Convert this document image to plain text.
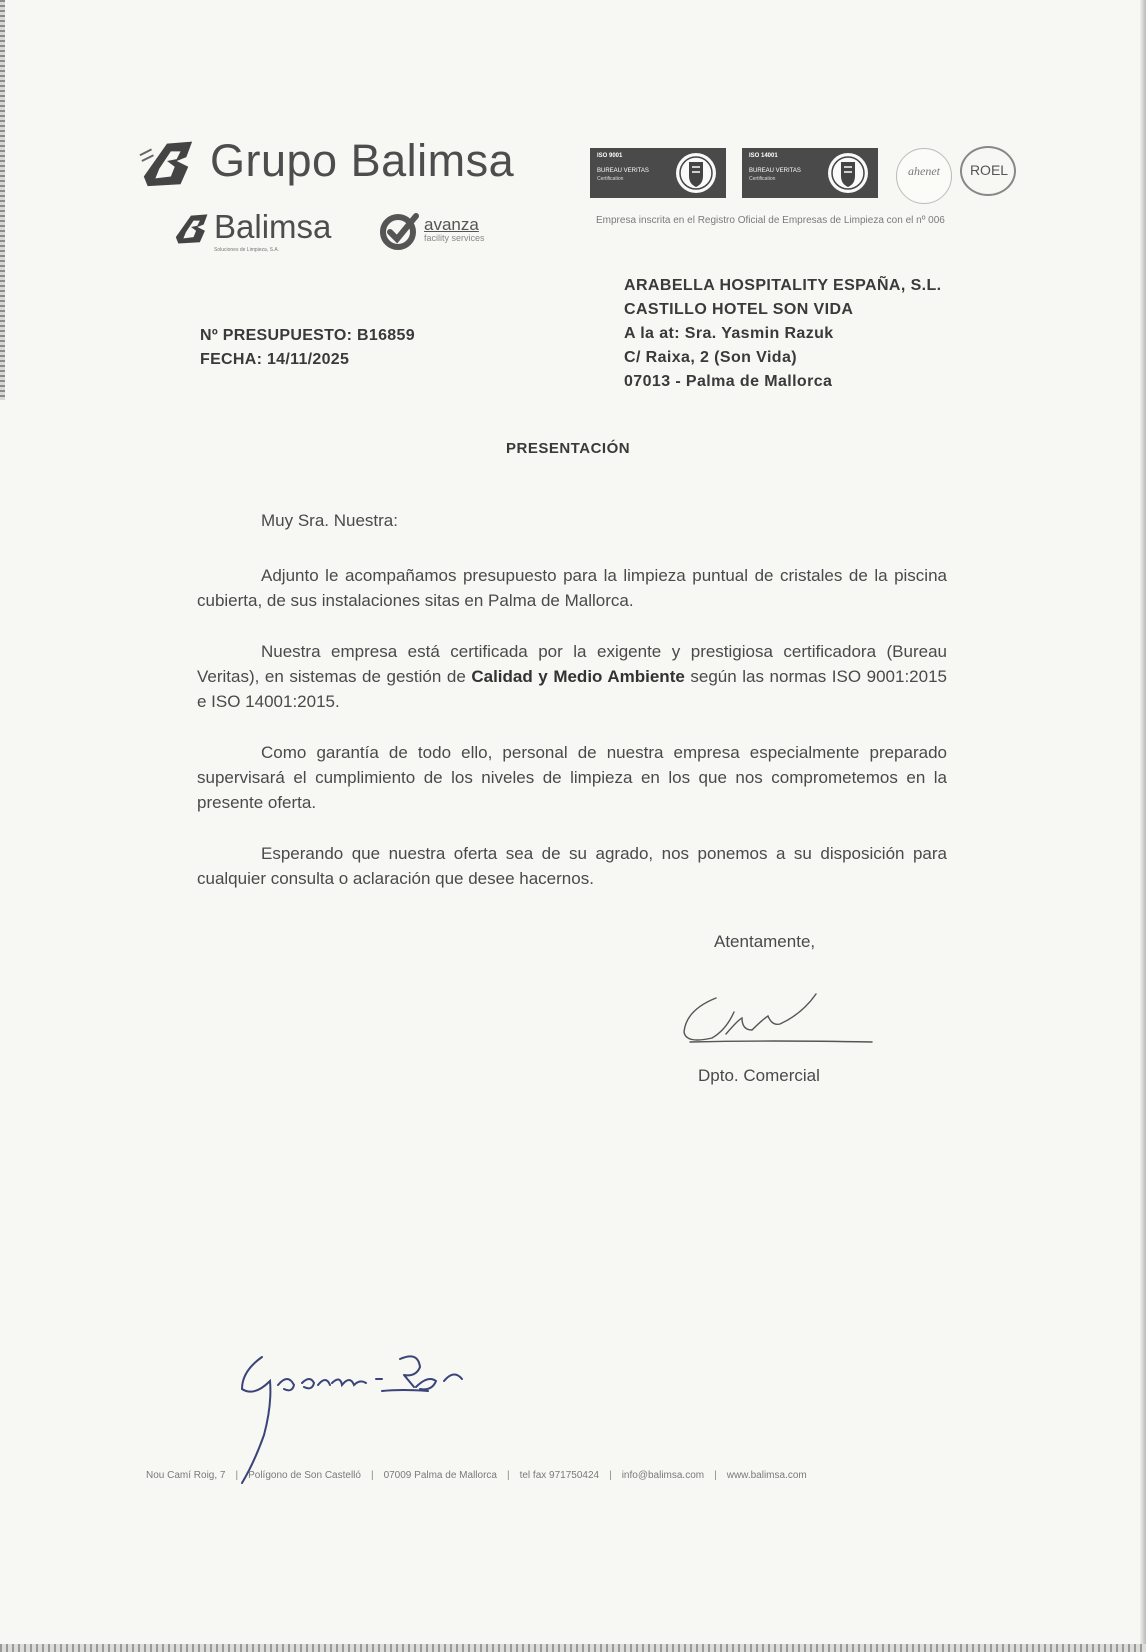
Grupo Balimsa
Balimsa
Soluciones de Limpieza, S.A.
avanza
facility services
ISO 9001
BUREAU VERITAS
Certification
ISO 14001
BUREAU VERITAS
Certification
ahenet	ROEL
Empresa inscrita en el Registro Oficial de Empresas de Limpieza con el nº 006
Nº PRESUPUESTO: B16859
FECHA: 14/11/2025
ARABELLA HOSPITALITY ESPAÑA, S.L.
CASTILLO HOTEL SON VIDA
A la at: Sra. Yasmin Razuk
C/ Raixa, 2 (Son Vida)
07013 - Palma de Mallorca
PRESENTACIÓN

Muy Sra. Nuestra:

Adjunto le acompañamos presupuesto para la limpieza puntual de cristales de la piscina cubierta, de sus instalaciones sitas en Palma de Mallorca.

Nuestra empresa está certificada por la exigente y prestigiosa certificadora (Bureau Veritas), en sistemas de gestión de Calidad y Medio Ambiente según las normas ISO 9001:2015 e ISO 14001:2015.

Como garantía de todo ello, personal de nuestra empresa especialmente preparado supervisará el cumplimiento de los niveles de limpieza en los que nos comprometemos en la presente oferta.

Esperando que nuestra oferta sea de su agrado, nos ponemos a su disposición para cualquier consulta o aclaración que desee hacernos.

Atentamente,
Dpto. Comercial
Nou Camí Roig, 7 | Polígono de Son Castelló | 07009 Palma de Mallorca | tel fax 971750424 | info@balimsa.com | www.balimsa.com
